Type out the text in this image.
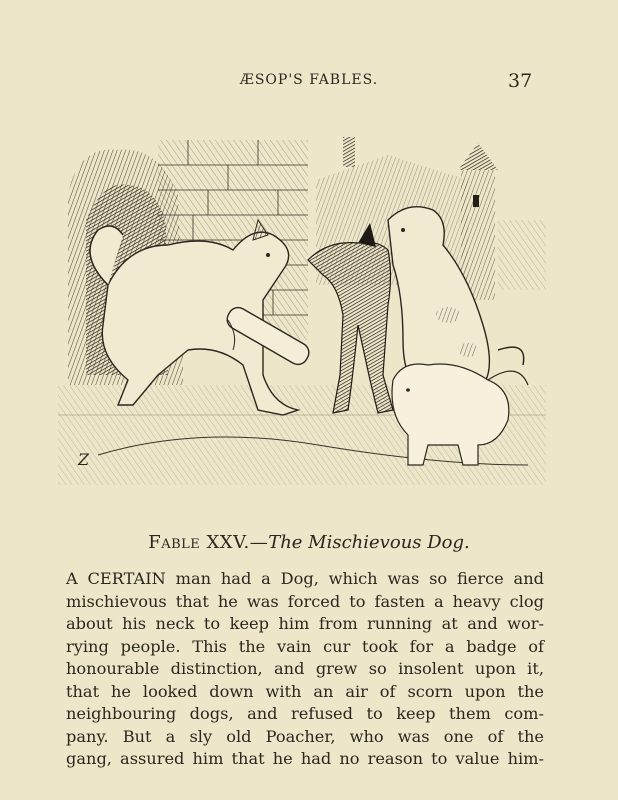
ÆSOP'S FABLES.	37
Z
Fable XXV.—The Mischievous Dog.
A CERTAIN man had a Dog, which was so fierce and
mischievous that he was forced to fasten a heavy clog
about his neck to keep him from running at and wor-
rying people. This the vain cur took for a badge of
honourable distinction, and grew so insolent upon it,
that he looked down with an air of scorn upon the
neighbouring dogs, and refused to keep them com-
pany. But a sly old Poacher, who was one of the
gang, assured him that he had no reason to value him-
